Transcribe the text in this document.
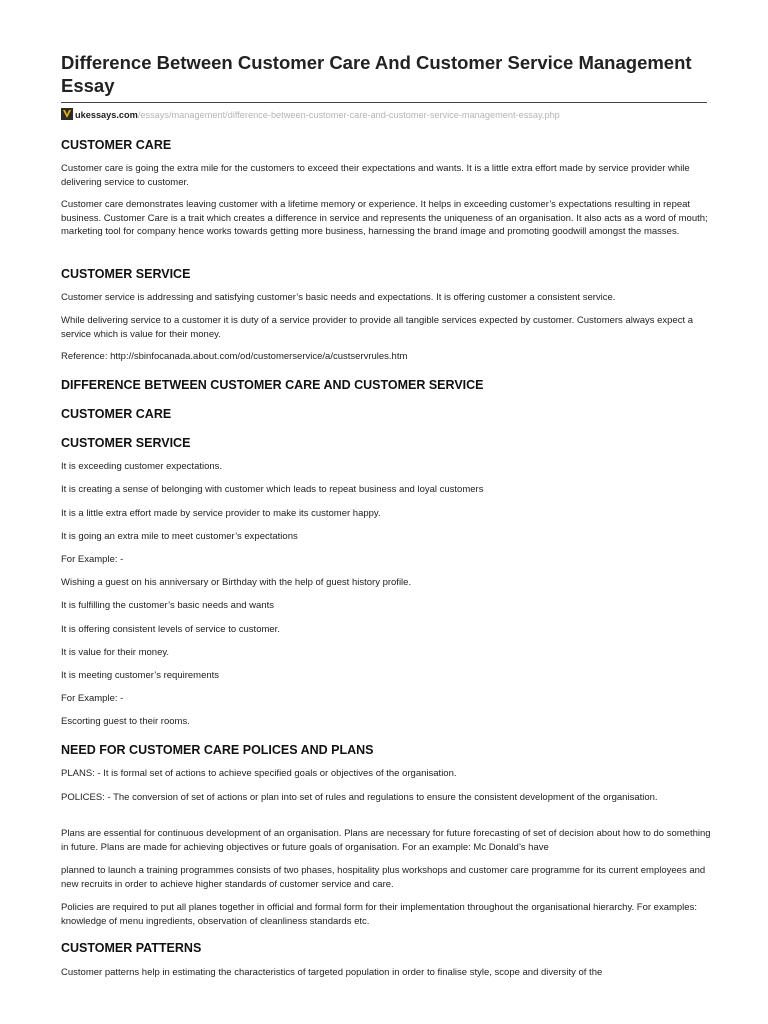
Difference Between Customer Care And Customer Service Management Essay
ukessays.com/essays/management/difference-between-customer-care-and-customer-service-management-essay.php
CUSTOMER CARE

Customer care is going the extra mile for the customers to exceed their expectations and wants. It is a little extra effort made by service provider while delivering service to customer.

Customer care demonstrates leaving customer with a lifetime memory or experience. It helps in exceeding customer’s expectations resulting in repeat business. Customer Care is a trait which creates a difference in service and represents the uniqueness of an organisation. It also acts as a word of mouth; marketing tool for company hence works towards getting more business, harnessing the brand image and promoting goodwill amongst the masses.

CUSTOMER SERVICE

Customer service is addressing and satisfying customer’s basic needs and expectations. It is offering customer a consistent service.

While delivering service to a customer it is duty of a service provider to provide all tangible services expected by customer. Customers always expect a service which is value for their money.

Reference: http://sbinfocanada.about.com/od/customerservice/a/custservrules.htm

DIFFERENCE BETWEEN CUSTOMER CARE AND CUSTOMER SERVICE
CUSTOMER CARE
CUSTOMER SERVICE

It is exceeding customer expectations.

It is creating a sense of belonging with customer which leads to repeat business and loyal customers

It is a little extra effort made by service provider to make its customer happy.

It is going an extra mile to meet customer’s expectations

For Example: -

Wishing a guest on his anniversary or Birthday with the help of guest history profile.

It is fulfilling the customer’s basic needs and wants

It is offering consistent levels of service to customer.

It is value for their money.

It is meeting customer’s requirements

For Example: -

Escorting guest to their rooms.

NEED FOR CUSTOMER CARE POLICES AND PLANS

PLANS: - It is formal set of actions to achieve specified goals or objectives of the organisation.

POLICES: - The conversion of set of actions or plan into set of rules and regulations to ensure the consistent development of the organisation.

Plans are essential for continuous development of an organisation. Plans are necessary for future forecasting of set of decision about how to do something in future. Plans are made for achieving objectives or future goals of organisation. For an example: Mc Donald’s have

planned to launch a training programmes consists of two phases, hospitality plus workshops and customer care programme for its current employees and new recruits in order to achieve higher standards of customer service and care.

Policies are required to put all planes together in official and formal form for their implementation throughout the organisational hierarchy. For examples: knowledge of menu ingredients, observation of cleanliness standards etc.

CUSTOMER PATTERNS

Customer patterns help in estimating the characteristics of targeted population in order to finalise style, scope and diversity of the
